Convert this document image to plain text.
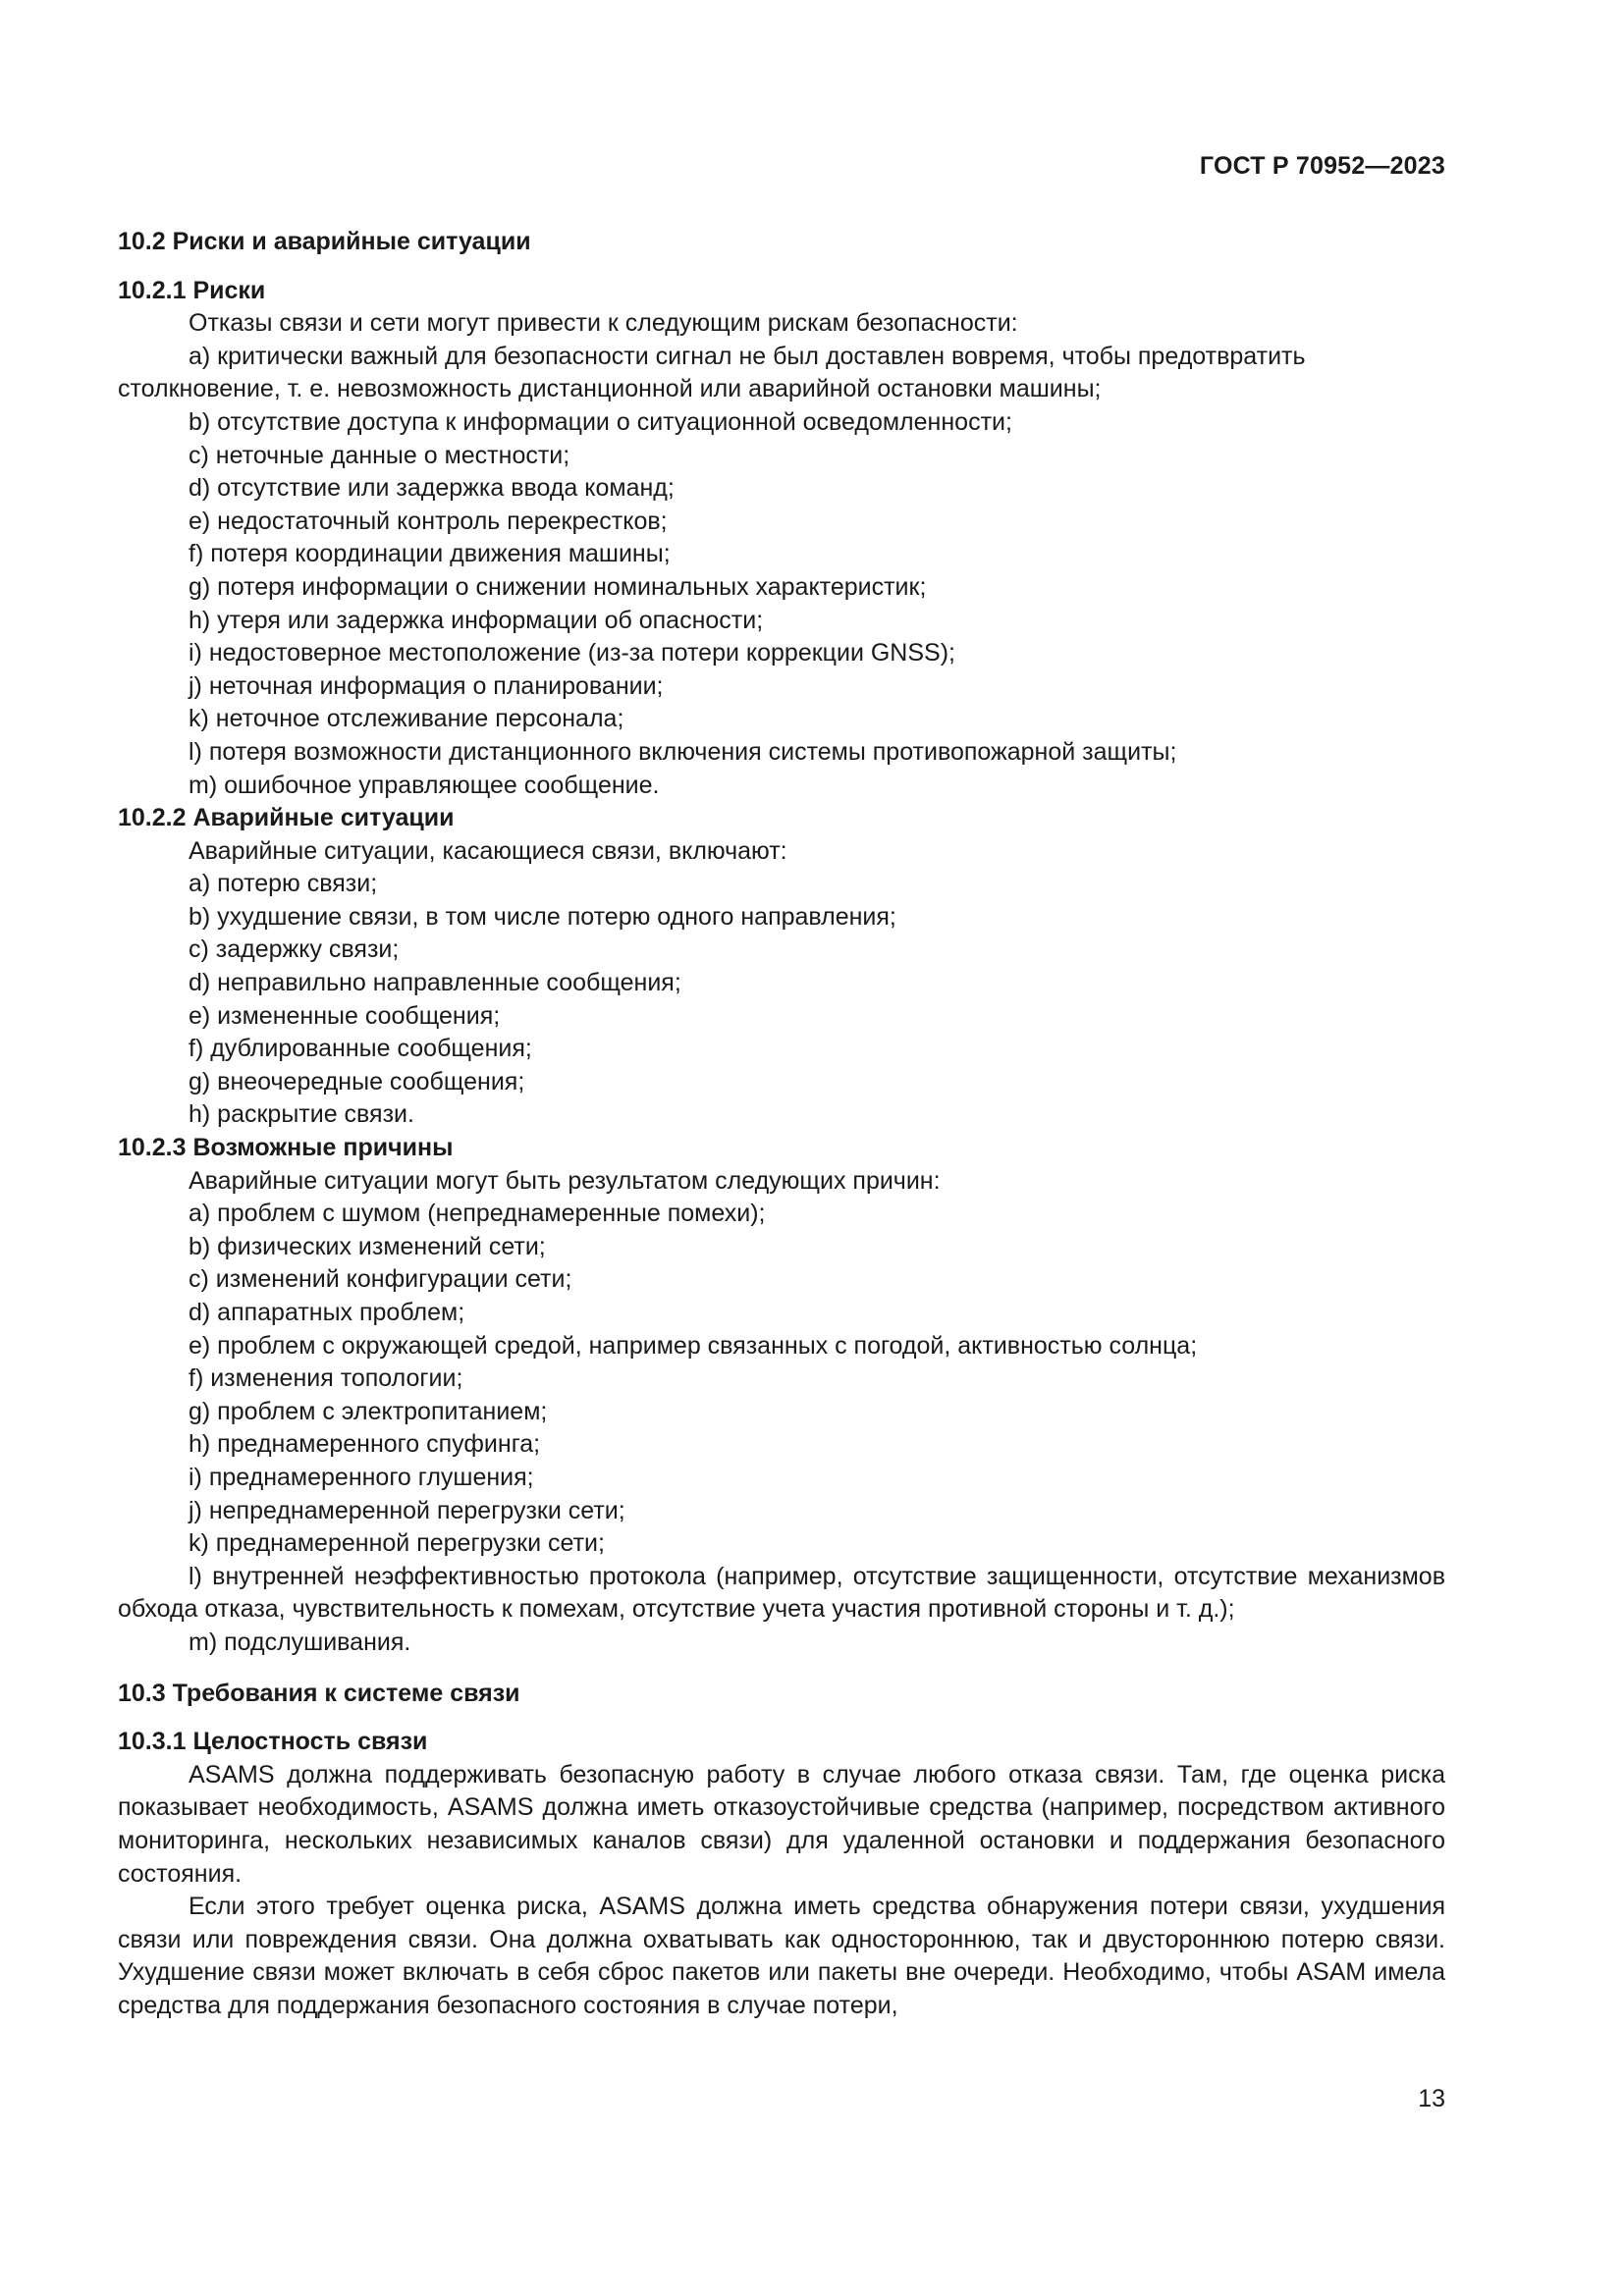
ГОСТ Р 70952—2023

10.2 Риски и аварийные ситуации

10.2.1 Риски

Отказы связи и сети могут привести к следующим рискам безопасности:

a) критически важный для безопасности сигнал не был доставлен вовремя, чтобы предотвратить столкновение, т. е. невозможность дистанционной или аварийной остановки машины;

b) отсутствие доступа к информации о ситуационной осведомленности;

c) неточные данные о местности;

d) отсутствие или задержка ввода команд;

e) недостаточный контроль перекрестков;

f) потеря координации движения машины;

g) потеря информации о снижении номинальных характеристик;

h) утеря или задержка информации об опасности;

i) недостоверное местоположение (из-за потери коррекции GNSS);

j) неточная информация о планировании;

k) неточное отслеживание персонала;

l) потеря возможности дистанционного включения системы противопожарной защиты;

m) ошибочное управляющее сообщение.

10.2.2 Аварийные ситуации

Аварийные ситуации, касающиеся связи, включают:

a) потерю связи;

b) ухудшение связи, в том числе потерю одного направления;

c) задержку связи;

d) неправильно направленные сообщения;

e) измененные сообщения;

f) дублированные сообщения;

g) внеочередные сообщения;

h) раскрытие связи.

10.2.3 Возможные причины

Аварийные ситуации могут быть результатом следующих причин:

a) проблем с шумом (непреднамеренные помехи);

b) физических изменений сети;

c) изменений конфигурации сети;

d) аппаратных проблем;

e) проблем с окружающей средой, например связанных с погодой, активностью солнца;

f) изменения топологии;

g) проблем с электропитанием;

h) преднамеренного спуфинга;

i) преднамеренного глушения;

j) непреднамеренной перегрузки сети;

k) преднамеренной перегрузки сети;

l) внутренней неэффективностью протокола (например, отсутствие защищенности, отсутствие механизмов обхода отказа, чувствительность к помехам, отсутствие учета участия противной стороны и т. д.);

m) подслушивания.

10.3 Требования к системе связи

10.3.1 Целостность связи

ASAMS должна поддерживать безопасную работу в случае любого отказа связи. Там, где оценка риска показывает необходимость, ASAMS должна иметь отказоустойчивые средства (например, посредством активного мониторинга, нескольких независимых каналов связи) для удаленной остановки и поддержания безопасного состояния.

Если этого требует оценка риска, ASAMS должна иметь средства обнаружения потери связи, ухудшения связи или повреждения связи. Она должна охватывать как одностороннюю, так и двустороннюю потерю связи. Ухудшение связи может включать в себя сброс пакетов или пакеты вне очереди. Необходимо, чтобы ASAM имела средства для поддержания безопасного состояния в случае потери,

13
